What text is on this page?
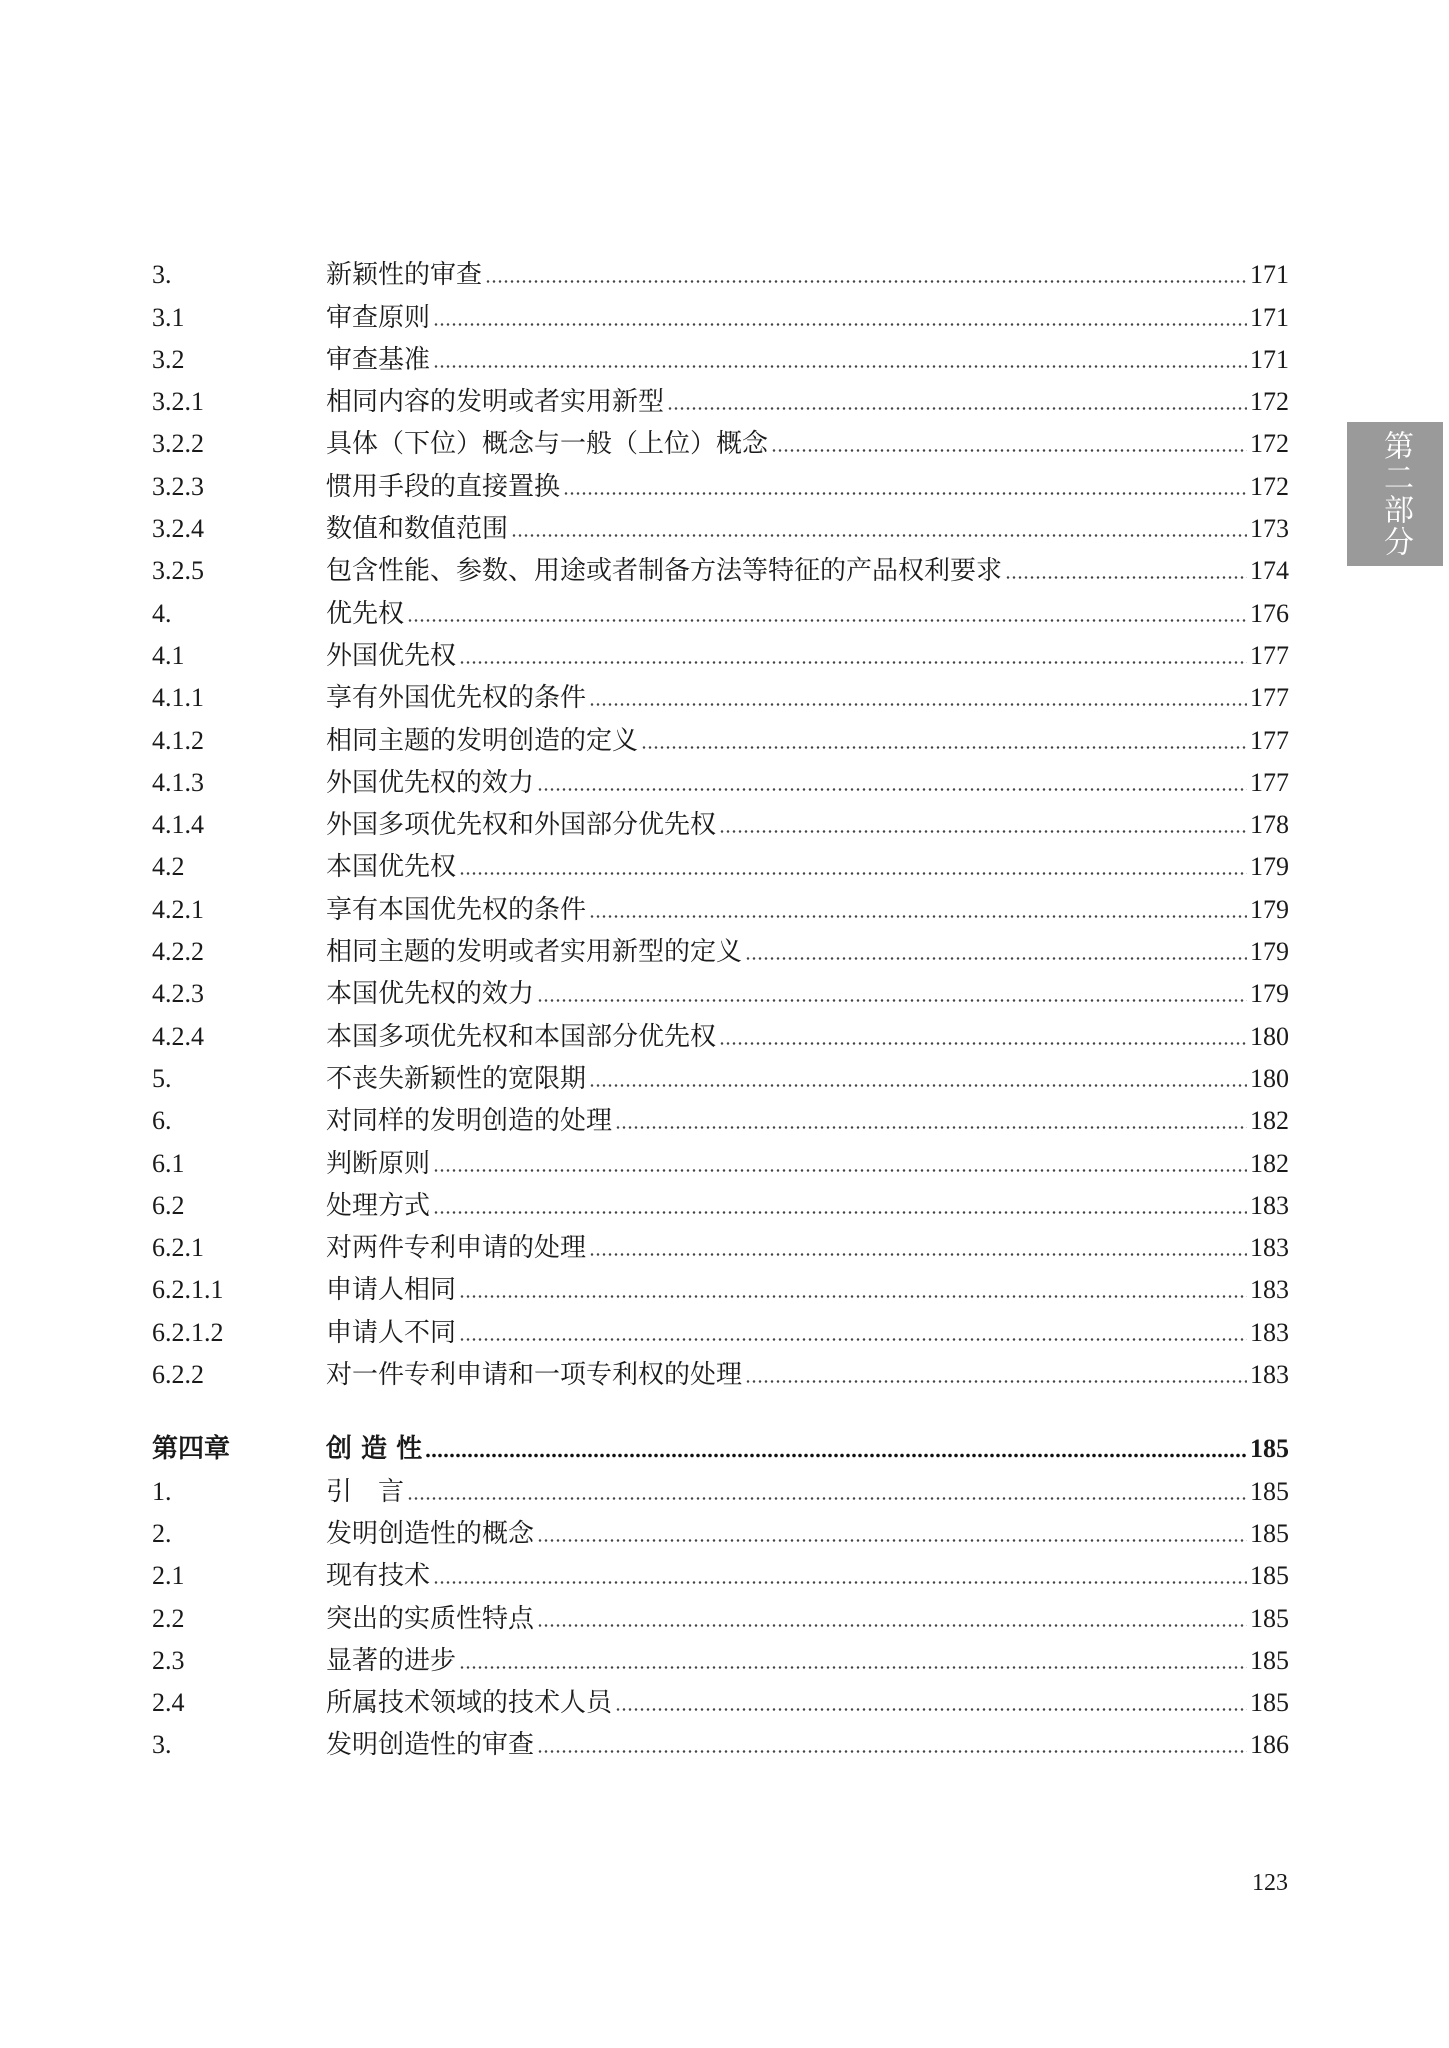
3.	新颖性的审查	171
3.1	审查原则	171
3.2	审查基准	171
3.2.1	相同内容的发明或者实用新型	172
3.2.2	具体（下位）概念与一般（上位）概念	172
3.2.3	惯用手段的直接置换	172
3.2.4	数值和数值范围	173
3.2.5	包含性能、参数、用途或者制备方法等特征的产品权利要求	174
4.	优先权	176
4.1	外国优先权	177
4.1.1	享有外国优先权的条件	177
4.1.2	相同主题的发明创造的定义	177
4.1.3	外国优先权的效力	177
4.1.4	外国多项优先权和外国部分优先权	178
4.2	本国优先权	179
4.2.1	享有本国优先权的条件	179
4.2.2	相同主题的发明或者实用新型的定义	179
4.2.3	本国优先权的效力	179
4.2.4	本国多项优先权和本国部分优先权	180
5.	不丧失新颖性的宽限期	180
6.	对同样的发明创造的处理	182
6.1	判断原则	182
6.2	处理方式	183
6.2.1	对两件专利申请的处理	183
6.2.1.1	申请人相同	183
6.2.1.2	申请人不同	183
6.2.2	对一件专利申请和一项专利权的处理	183
第四章	创 造 性	185
1.	引　言	185
2.	发明创造性的概念	185
2.1	现有技术	185
2.2	突出的实质性特点	185
2.3	显著的进步	185
2.4	所属技术领域的技术人员	185
3.	发明创造性的审查	186
第二部分
123
